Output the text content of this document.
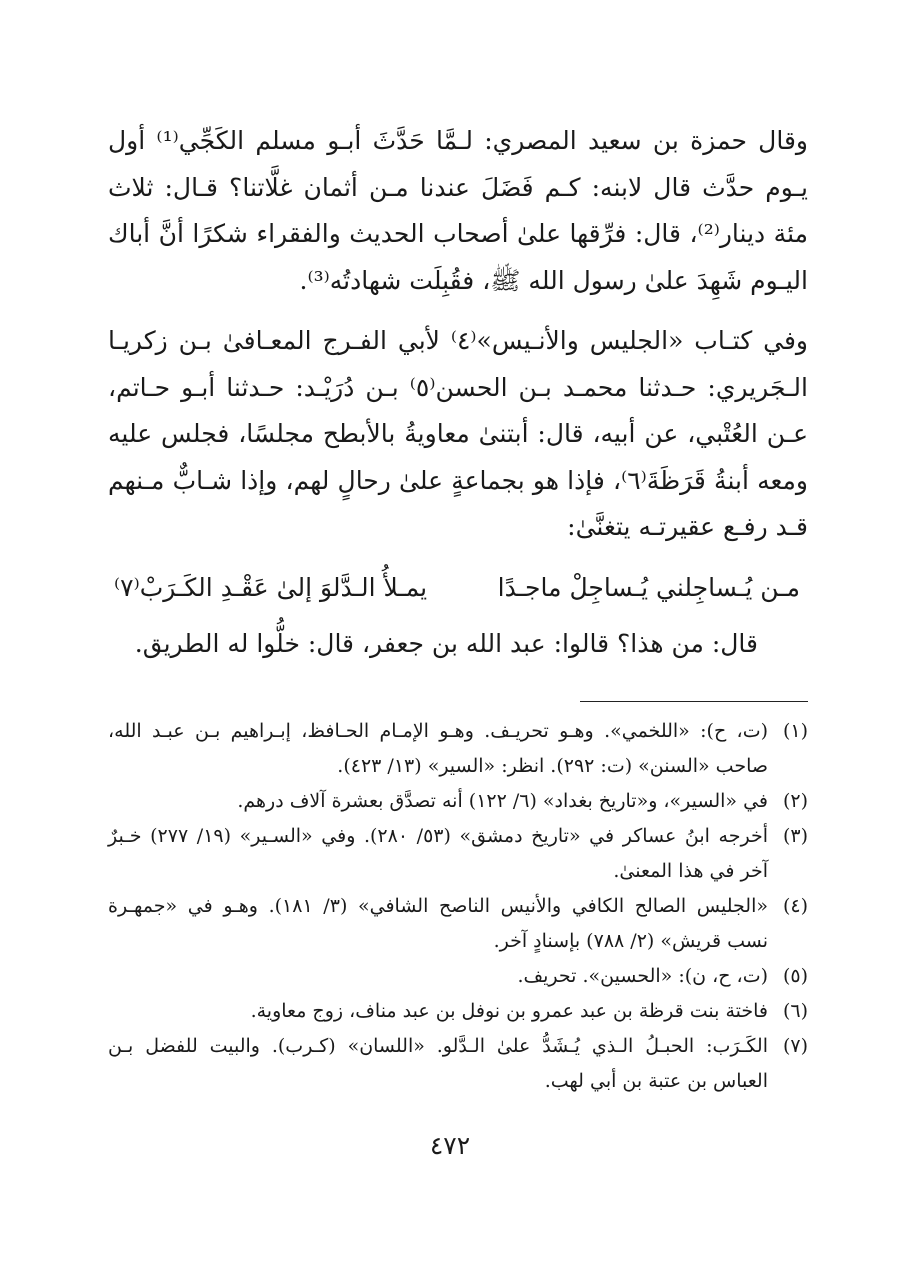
وقال حمزة بن سعيد المصري: لـمَّا حَدَّثَ أبـو مسلم الكَجِّي⁽¹⁾ أول يـوم حدَّث قال لابنه: كـم فَضَلَ عندنا مـن أثمان غلَّاتنا؟ قـال: ثلاث مئة دينار⁽²⁾، قال: فرِّقها علىٰ أصحاب الحديث والفقراء شكرًا أنَّ أباك اليـوم شَهِدَ علىٰ رسول الله ﷺ، فقُبِلَت شهادتُه⁽³⁾.

وفي كتـاب «الجليس والأنـيس»⁽٤⁾ لأبي الفـرج المعـافىٰ بـن زكريـا الـجَريري: حـدثنا محمـد بـن الحسن⁽٥⁾ بـن دُرَيْـد: حـدثنا أبـو حـاتم، عـن العُتْبي، عن أبيه، قال: أبتنىٰ معاويةُ بالأبطح مجلسًا، فجلس عليه ومعه أبنةُ قَرَظَةَ⁽٦⁾، فإذا هو بجماعةٍ علىٰ رحالٍ لهم، وإذا شـابٌّ مـنهم قـد رفـع عقيرتـه يتغنَّىٰ:

مـن يُـساجِلني يُـساجِلْ ماجـدًا
يمـلأُ الـدَّلوَ إلىٰ عَقْـدِ الكَـرَبْ⁽٧⁾

قال: من هذا؟ قالوا: عبد الله بن جعفر، قال: خلُّوا له الطريق.

(١)
(ت، ح): «اللخمي». وهـو تحريـف. وهـو الإمـام الحـافظ، إبـراهيم بـن عبـد الله، صاحب «السنن» (ت: ٢٩٢). انظر: «السير» (١٣/ ٤٢٣).
(٢)
في «السير»، و«تاريخ بغداد» (٦/ ١٢٢) أنه تصدَّق بعشرة آلاف درهم.
(٣)
أخرجه ابنُ عساكر في «تاريخ دمشق» (٥٣/ ٢٨٠). وفي «السـير» (١٩/ ٢٧٧) خـبرٌ آخر في هذا المعنىٰ.
(٤)
«الجليس الصالح الكافي والأنيس الناصح الشافي» (٣/ ١٨١). وهـو في «جمهـرة نسب قريش» (٢/ ٧٨٨) بإسنادٍ آخر.
(٥)
(ت، ح، ن): «الحسين». تحريف.
(٦)
فاختة بنت قرظة بن عبد عمرو بن نوفل بن عبد مناف، زوج معاوية.
(٧)
الكَـرَب: الحبـلُ الـذي يُـشَدُّ علىٰ الـدَّلو. «اللسان» (كـرب). والبيت للفضل بـن العباس بن عتبة بن أبي لهب.
٤٧٢
